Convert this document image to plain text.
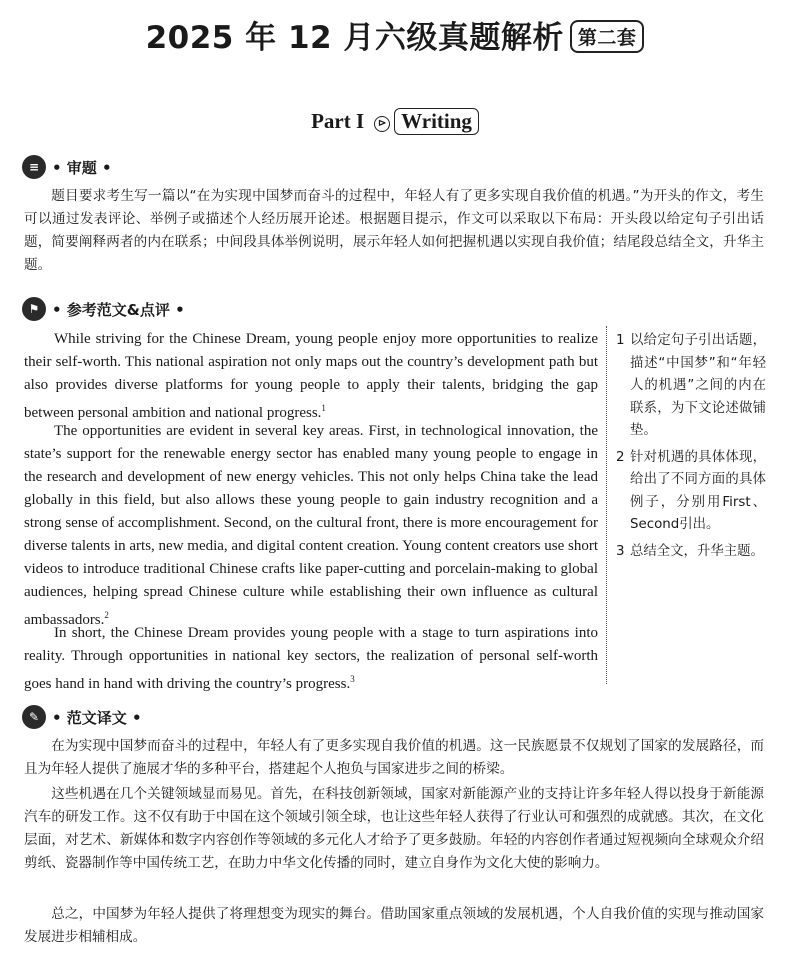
2025 年 12 月六级真题解析 第二套
Part I ⊳ Writing
≡ • 审题 •

题目要求考生写一篇以“在为实现中国梦而奋斗的过程中，年轻人有了更多实现自我价值的机遇。”为开头的作文，考生可以通过发表评论、举例子或描述个人经历展开论述。根据题目提示，作文可以采取以下布局：开头段以给定句子引出话题，简要阐释两者的内在联系；中间段具体举例说明，展示年轻人如何把握机遇以实现自我价值；结尾段总结全文，升华主题。

⚑ • 参考范文&点评 •

While striving for the Chinese Dream, young people enjoy more opportunities to realize their self-worth. This national aspiration not only maps out the country’s development path but also provides diverse platforms for young people to apply their talents, bridging the gap between personal ambition and national progress.$^1$

The opportunities are evident in several key areas. First, in technological innovation, the state’s support for the renewable energy sector has enabled many young people to engage in the research and development of new energy vehicles. This not only helps China take the lead globally in this field, but also allows these young people to gain industry recognition and a strong sense of accomplishment. Second, on the cultural front, there is more encouragement for diverse talents in arts, new media, and digital content creation. Young content creators use short videos to introduce traditional Chinese crafts like paper-cutting and porcelain-making to global audiences, helping spread Chinese culture while establishing their own influence as cultural ambassadors.$^2$

In short, the Chinese Dream provides young people with a stage to turn aspirations into reality. Through opportunities in national key sectors, the realization of personal self-worth goes hand in hand with driving the country’s progress.$^3$

1 以给定句子引出话题，描述“中国梦”和“年轻人的机遇”之间的内在联系，为下文论述做铺垫。
2 针对机遇的具体体现，给出了不同方面的具体例子，分别用First、Second引出。
3 总结全文，升华主题。
✎ • 范文译文 •

在为实现中国梦而奋斗的过程中，年轻人有了更多实现自我价值的机遇。这一民族愿景不仅规划了国家的发展路径，而且为年轻人提供了施展才华的多种平台，搭建起个人抱负与国家进步之间的桥梁。

这些机遇在几个关键领域显而易见。首先，在科技创新领域，国家对新能源产业的支持让许多年轻人得以投身于新能源汽车的研发工作。这不仅有助于中国在这个领域引领全球，也让这些年轻人获得了行业认可和强烈的成就感。其次，在文化层面，对艺术、新媒体和数字内容创作等领域的多元化人才给予了更多鼓励。年轻的内容创作者通过短视频向全球观众介绍剪纸、瓷器制作等中国传统工艺，在助力中华文化传播的同时，建立自身作为文化大使的影响力。

总之，中国梦为年轻人提供了将理想变为现实的舞台。借助国家重点领域的发展机遇，个人自我价值的实现与推动国家发展进步相辅相成。
